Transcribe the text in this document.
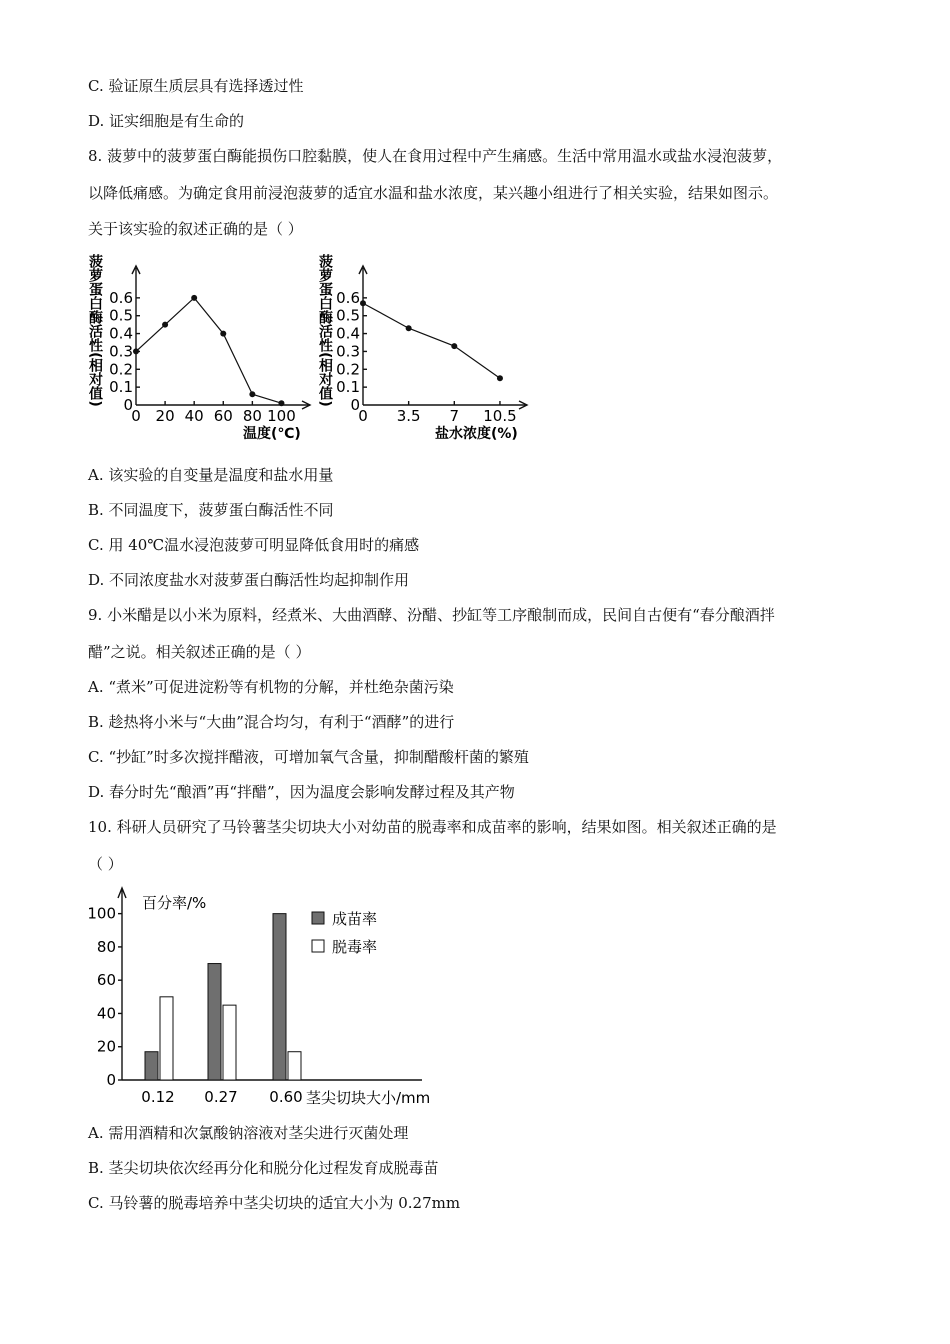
C. 验证原生质层具有选择透过性
D. 证实细胞是有生命的
8. 菠萝中的菠萝蛋白酶能损伤口腔黏膜，使人在食用过程中产生痛感。生活中常用温水或盐水浸泡菠萝，
以降低痛感。为确定食用前浸泡菠萝的适宜水温和盐水浓度，某兴趣小组进行了相关实验，结果如图示。
关于该实验的叙述正确的是（ ）
菠萝蛋白酶活性(相对值) 0
0.1
0.2
0.3
0.4
0.5
0.6
0 20 40 60 80 100
温度(℃)
菠萝蛋白酶活性(相对值) 0
0.1
0.2
0.3
0.4
0.5
0.6
0 3.5 7 10.5
盐水浓度(%)
A. 该实验的自变量是温度和盐水用量
B. 不同温度下，菠萝蛋白酶活性不同
C. 用 40℃温水浸泡菠萝可明显降低食用时的痛感
D. 不同浓度盐水对菠萝蛋白酶活性均起抑制作用
9. 小米醋是以小米为原料，经煮米、大曲酒酵、汾醋、抄缸等工序酿制而成，民间自古便有“春分酿酒拌
醋”之说。相关叙述正确的是（ ）
A. “煮米”可促进淀粉等有机物的分解，并杜绝杂菌污染
B. 趁热将小米与“大曲”混合均匀，有利于“酒酵”的进行
C. “抄缸”时多次搅拌醋液，可增加氧气含量，抑制醋酸杆菌的繁殖
D. 春分时先“酿酒”再“拌醋”，因为温度会影响发酵过程及其产物
10. 科研人员研究了马铃薯茎尖切块大小对幼苗的脱毒率和成苗率的影响，结果如图。相关叙述正确的是
（ ）
百分率/%
0
20
40
60
80
100
0.12 0.27 0.60
成苗率
脱毒率
茎尖切块大小/mm
A. 需用酒精和次氯酸钠溶液对茎尖进行灭菌处理
B. 茎尖切块依次经再分化和脱分化过程发育成脱毒苗
C. 马铃薯的脱毒培养中茎尖切块的适宜大小为 0.27mm
